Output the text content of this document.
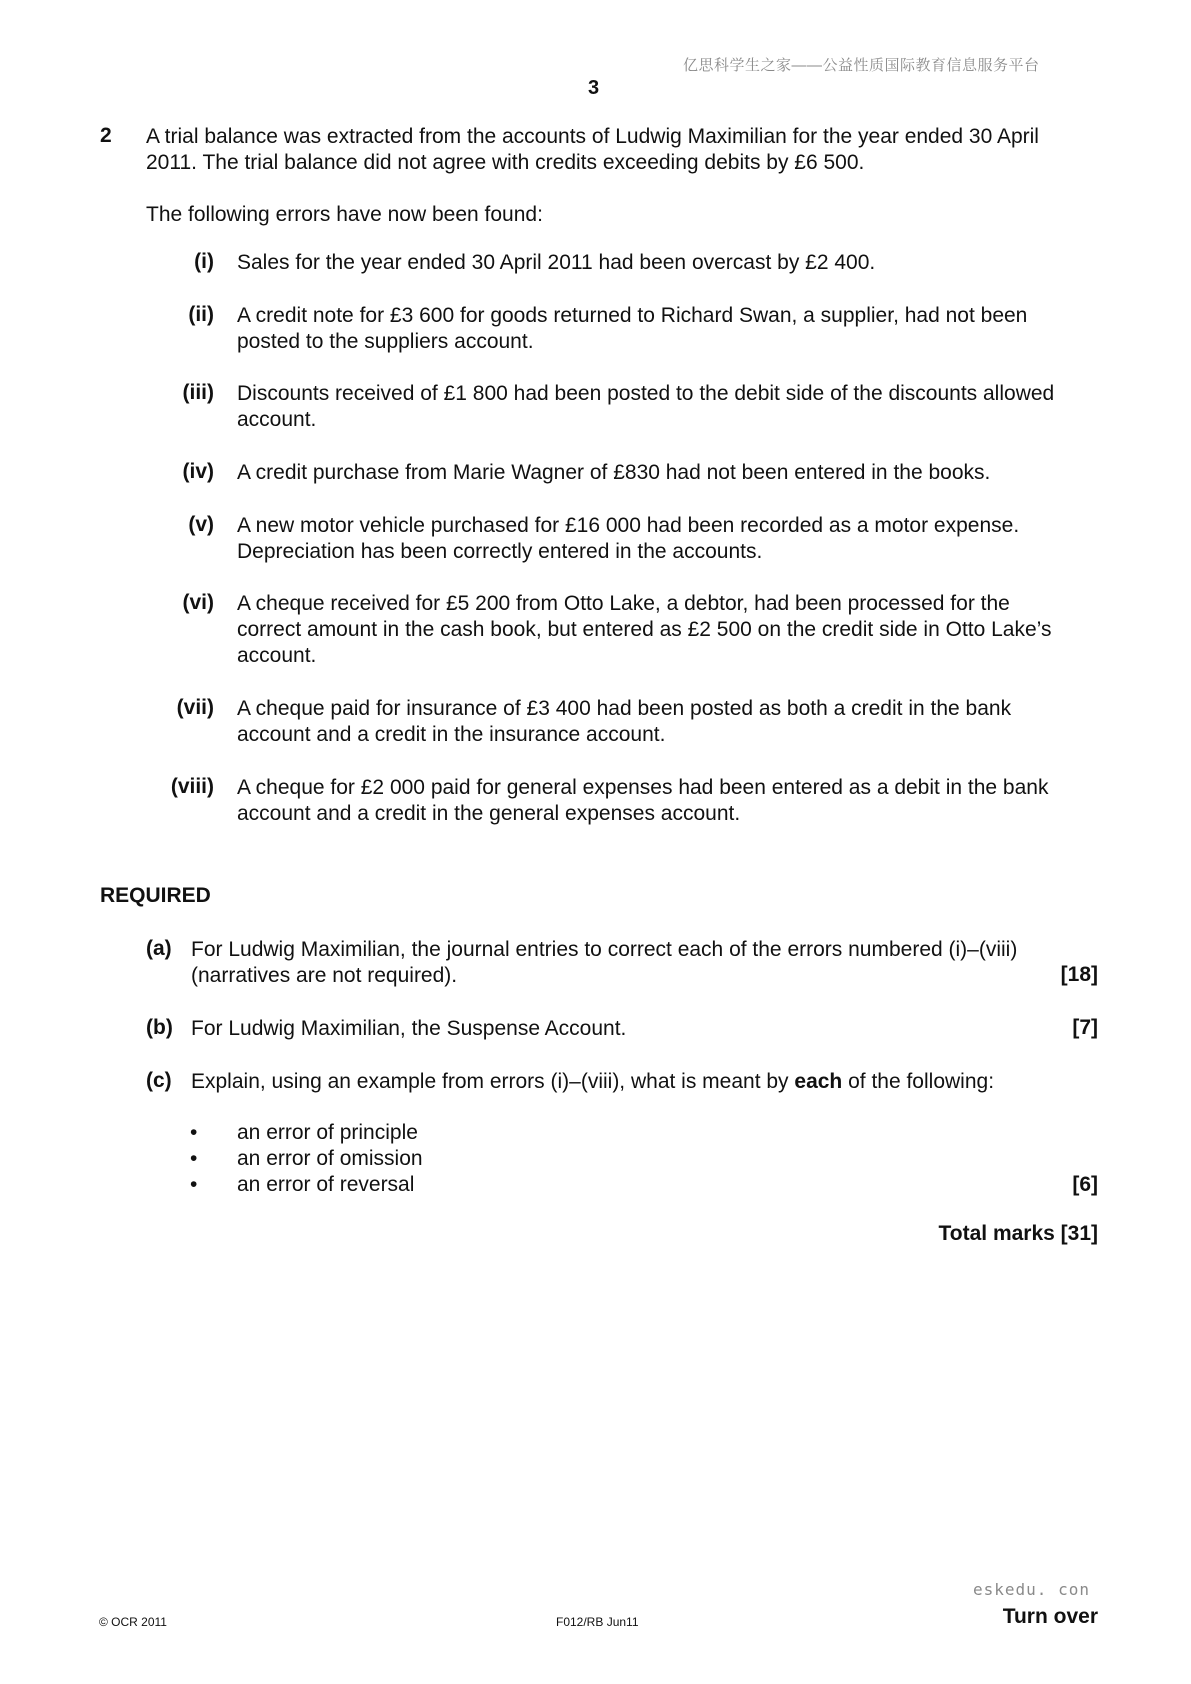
亿思科学生之家——公益性质国际教育信息服务平台
3
2 A trial balance was extracted from the accounts of Ludwig Maximilian for the year ended 30 April
2011. The trial balance did not agree with credits exceeding debits by £6 500.
The following errors have now been found:
(i) Sales for the year ended 30 April 2011 had been overcast by £2 400.
(ii) A credit note for £3 600 for goods returned to Richard Swan, a supplier, had not been
posted to the suppliers account.
(iii) Discounts received of £1 800 had been posted to the debit side of the discounts allowed
account.
(iv) A credit purchase from Marie Wagner of £830 had not been entered in the books.
(v) A new motor vehicle purchased for £16 000 had been recorded as a motor expense.
Depreciation has been correctly entered in the accounts.
(vi) A cheque received for £5 200 from Otto Lake, a debtor, had been processed for the
correct amount in the cash book, but entered as £2 500 on the credit side in Otto Lake’s
account.
(vii) A cheque paid for insurance of £3 400 had been posted as both a credit in the bank
account and a credit in the insurance account.
(viii) A cheque for £2 000 paid for general expenses had been entered as a debit in the bank
account and a credit in the general expenses account.
REQUIRED
(a) For Ludwig Maximilian, the journal entries to correct each of the errors numbered (i)–(viii)
(narratives are not required).	[18]
(b) For Ludwig Maximilian, the Suspense Account.	[7]
(c) Explain, using an example from errors (i)–(viii), what is meant by each of the following:
• an error of principle
• an error of omission
• an error of reversal	[6]
Total marks [31]
eskedu. con
© OCR 2011	F012/RB Jun11	Turn over
